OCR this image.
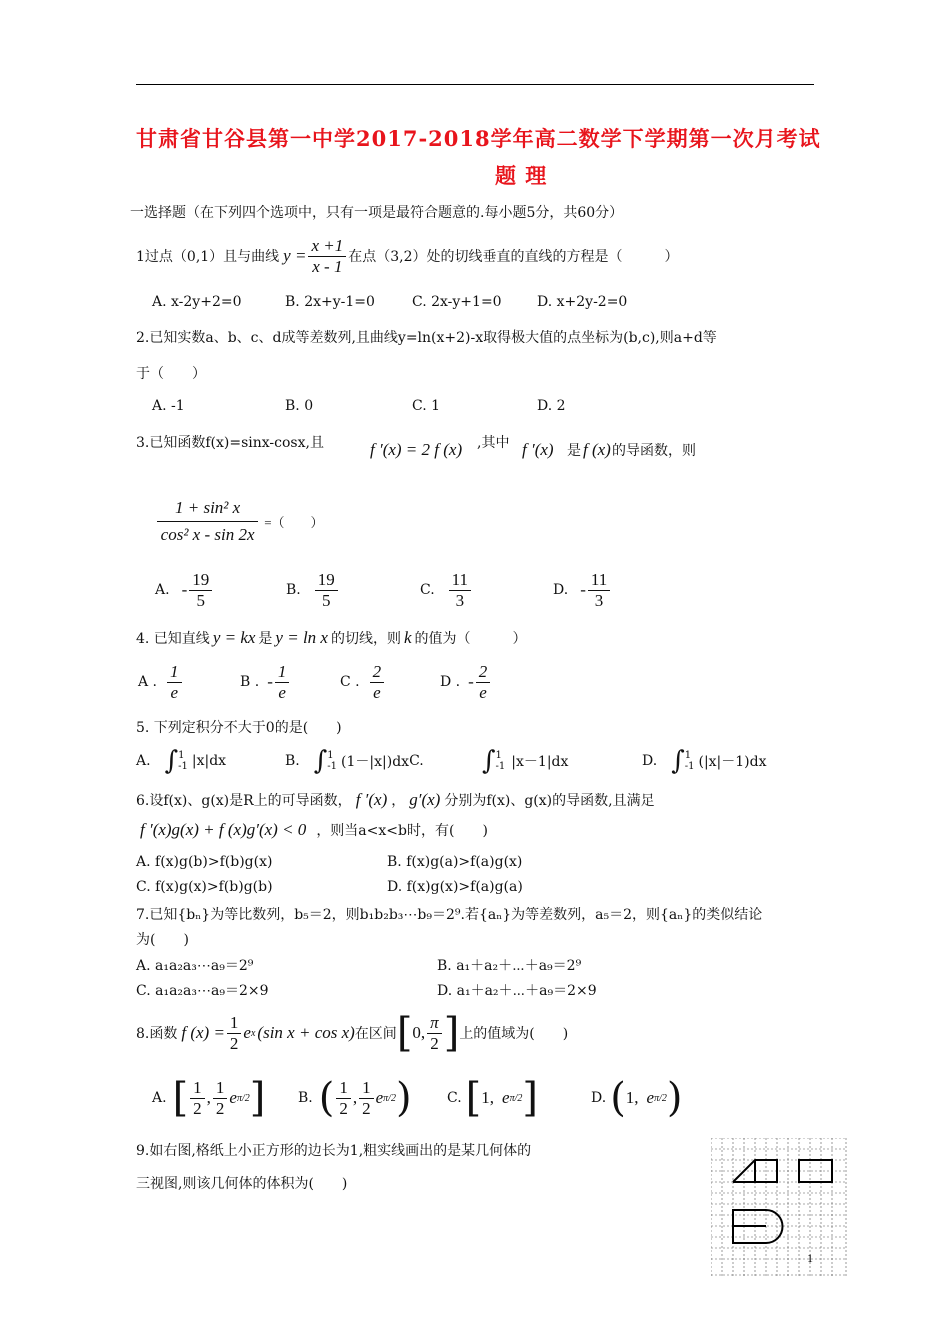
甘肃省甘谷县第一中学2017-2018学年高二数学下学期第一次月考试
题 理
一选择题（在下列四个选项中，只有一项是最符合题意的.每小题5分，共60分）
1过点（0,1）且与曲线 $y = \frac{x +1}{x - 1}$ 在点（3,2）处的切线垂直的直线的方程是（　　　）
A. x-2y+2=0	B. 2x+y-1=0	C. 2x-y+1=0	D. x+2y-2=0
2.已知实数a、b、c、d成等差数列,且曲线y=ln(x+2)-x取得极大值的点坐标为(b,c),则a+d等
于（　　）
A. -1	B. 0	C. 1	D. 2
3.已知函数f(x)=sinx-cosx,且	f ′(x) = 2 f (x) ,其中 f ′(x) 是 f (x) 的导函数，则
$\frac{\text{1 + sin² x}}{\text{cos² x - sin 2x}}$ =（　　）
A. - $\frac{19}{5}$	B. $\frac{19}{5}$	C. $\frac{11}{3}$	D. - $\frac{11}{3}$
4. 已知直线 y = kx 是 y = ln x 的切线，则 k 的值为（　　　）
A . $\frac{1}{e}$	B . - $\frac{1}{e}$	C . $\frac{2}{e}$	D . - $\frac{2}{e}$
5. 下列定积分不大于0的是(　　)
A. ∫ 1
-1 |x|dx	B. ∫ 1
-1 (1－|x|)dx C. ∫ 1
-1 |x－1|dx	D. ∫ 1
-1 (|x|－1)dx
6.设f(x)、g(x)是R上的可导函数， f ′(x) ， g′(x) 分别为f(x)、g(x)的导函数,且满足
f ′(x)g(x) + f (x)g′(x) < 0 ，则当a<x<b时，有(　　)
A. f(x)g(b)>f(b)g(x)	B. f(x)g(a)>f(a)g(x)
C. f(x)g(x)>f(b)g(b)	D. f(x)g(x)>f(a)g(a)
7.已知{bₙ}为等比数列，b₅＝2，则b₁b₂b₃⋯b₉＝2⁹.若{aₙ}为等差数列，a₅＝2，则{aₙ}的类似结论
为(　　)
A. a₁a₂a₃⋯a₉＝2⁹	B. a₁＋a₂＋⋯＋a₉＝2⁹
C. a₁a₂a₃⋯a₉＝2×9	D. a₁＋a₂＋⋯＋a₉＝2×9
8.函数 f $(x) = \frac{1}{2}$ e x (sin x + cos x) 在区间 [ 0, $\frac{\pi}{2}$ ] 上的值域为(　　)
A. [ $\frac{1}{2}$ , $\frac{1}{2}$ e π/2 ] B. ( $\frac{1}{2}$ , $\frac{1}{2}$ e π/2 )	C. [ 1, e π/2 ]	D. ( 1, e π/2 )
9.如右图,格纸上小正方形的边长为1,粗实线画出的是某几何体的
三视图,则该几何体的体积为(　　)
1
